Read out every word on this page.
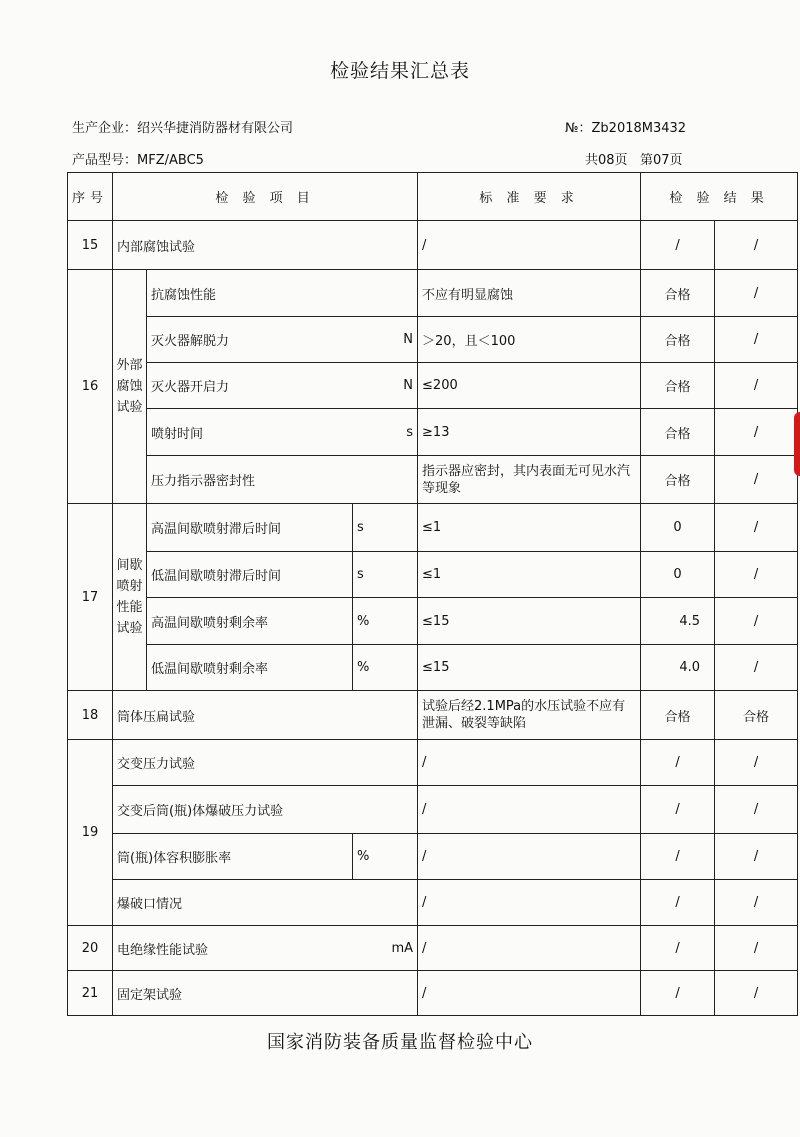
检验结果汇总表
生产企业：绍兴华捷消防器材有限公司	№：Zb2018M3432
产品型号：MFZ/ABC5	共08页 第07页
序号	检 验 项 目			标 准 要 求	检 验 结 果	
15	内部腐蚀试验			/	/	/
16	外部腐蚀试验	抗腐蚀性能		不应有明显腐蚀	合格	/

		灭火器解脱力 N		＞20，且＜100	合格	/

		灭火器开启力 N		≤200	合格	/

		喷射时间 s		≥13	合格	/
		压力指示器密封性		指示器应密封，其内表面无可见水汽等现象	合格	/
17	间歇喷射性能试验	高温间歇喷射滞后时间	s	≤1	0	/
		低温间歇喷射滞后时间	s	≤1	0	/
		高温间歇喷射剩余率	%	≤15	4.5	/
		低温间歇喷射剩余率	%	≤15	4.0	/
18	筒体压扁试验			试验后经2.1MPa的水压试验不应有泄漏、破裂等缺陷	合格	合格
19	交变压力试验			/	/	/
	交变后筒(瓶)体爆破压力试验			/	/	/
	筒(瓶)体容积膨胀率		%	/	/	/
	爆破口情况			/	/	/
20	电绝缘性能试验 mA			/	/	/
21	固定架试验			/	/	/
国家消防装备质量监督检验中心
